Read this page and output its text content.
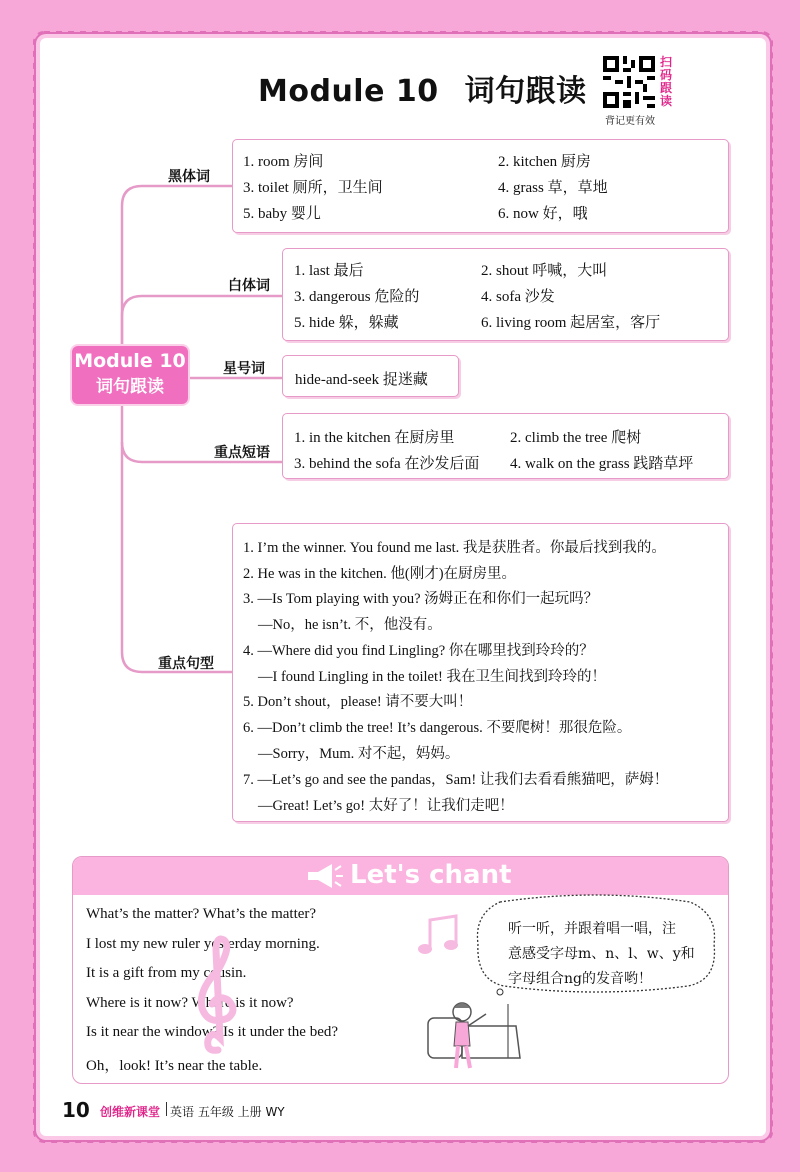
Module 10 词句跟读
扫码跟读
背记更有效
Module 10
词句跟读
黑体词
白体词
星号词
重点短语
重点句型
1. room 房间	2. kitchen 厨房
3. toilet 厕所，卫生间	4. grass 草，草地
5. baby 婴儿	6. now 好，哦
1. last 最后	2. shout 呼喊，大叫
3. dangerous 危险的	4. sofa 沙发
5. hide 躲，躲藏	6. living room 起居室，客厅
hide-and-seek 捉迷藏
1. in the kitchen 在厨房里	2. climb the tree 爬树
3. behind the sofa 在沙发后面 4. walk on the grass 践踏草坪
1. I’m the winner. You found me last. 我是获胜者。你最后找到我的。
2. He was in the kitchen. 他(刚才)在厨房里。
3. —Is Tom playing with you? 汤姆正在和你们一起玩吗？
—No，he isn’t. 不，他没有。
4. —Where did you find Lingling? 你在哪里找到玲玲的？
—I found Lingling in the toilet! 我在卫生间找到玲玲的！
5. Don’t shout，please! 请不要大叫！
6. —Don’t climb the tree! It’s dangerous. 不要爬树！那很危险。
—Sorry，Mum. 对不起，妈妈。
7. —Let’s go and see the pandas，Sam! 让我们去看看熊猫吧，萨姆！
—Great! Let’s go! 太好了！让我们走吧！
Let's chant
What’s the matter? What’s the matter?
I lost my new ruler yesterday morning.
It is a gift from my cousin.
Where is it now? Where is it now?
Is it near the window? Is it under the bed?
Oh，look! It’s near the table.
听一听，并跟着唱一唱，注
意感受字母m、n、l、w、y和
字母组合ng的发音哟！
10 创维新课堂 英语 五年级 上册 WY
